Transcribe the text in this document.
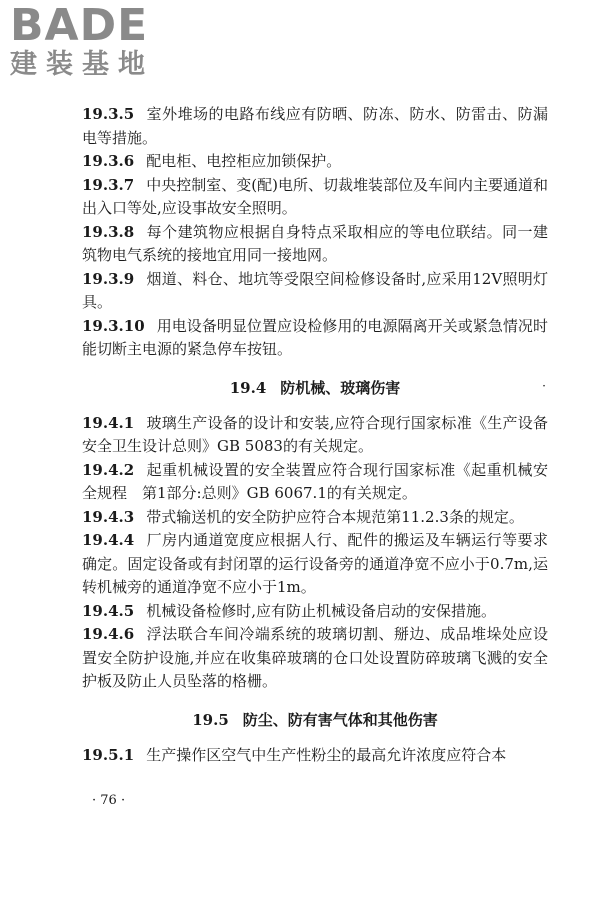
BADE
建装基地

19.3.5 室外堆场的电路布线应有防晒、防冻、防水、防雷击、防漏电等措施。

19.3.6 配电柜、电控柜应加锁保护。

19.3.7 中央控制室、变(配)电所、切裁堆装部位及车间内主要通道和出入口等处,应设事故安全照明。

19.3.8 每个建筑物应根据自身特点采取相应的等电位联结。同一建筑物电气系统的接地宜用同一接地网。

19.3.9 烟道、料仓、地坑等受限空间检修设备时,应采用12V照明灯具。

19.3.10 用电设备明显位置应设检修用的电源隔离开关或紧急情况时能切断主电源的紧急停车按钮。

19.4 防机械、玻璃伤害	·

19.4.1 玻璃生产设备的设计和安装,应符合现行国家标准《生产设备安全卫生设计总则》GB 5083的有关规定。

19.4.2 起重机械设置的安全装置应符合现行国家标准《起重机械安全规程　第1部分:总则》GB 6067.1的有关规定。

19.4.3 带式输送机的安全防护应符合本规范第11.2.3条的规定。

19.4.4 厂房内通道宽度应根据人行、配件的搬运及车辆运行等要求确定。固定设备或有封闭罩的运行设备旁的通道净宽不应小于0.7m,运转机械旁的通道净宽不应小于1m。

19.4.5 机械设备检修时,应有防止机械设备启动的安保措施。

19.4.6 浮法联合车间冷端系统的玻璃切割、掰边、成品堆垛处应设置安全防护设施,并应在收集碎玻璃的仓口处设置防碎玻璃飞溅的安全护板及防止人员坠落的格栅。

19.5 防尘、防有害气体和其他伤害

19.5.1 生产操作区空气中生产性粉尘的最高允许浓度应符合本

· 76 ·
